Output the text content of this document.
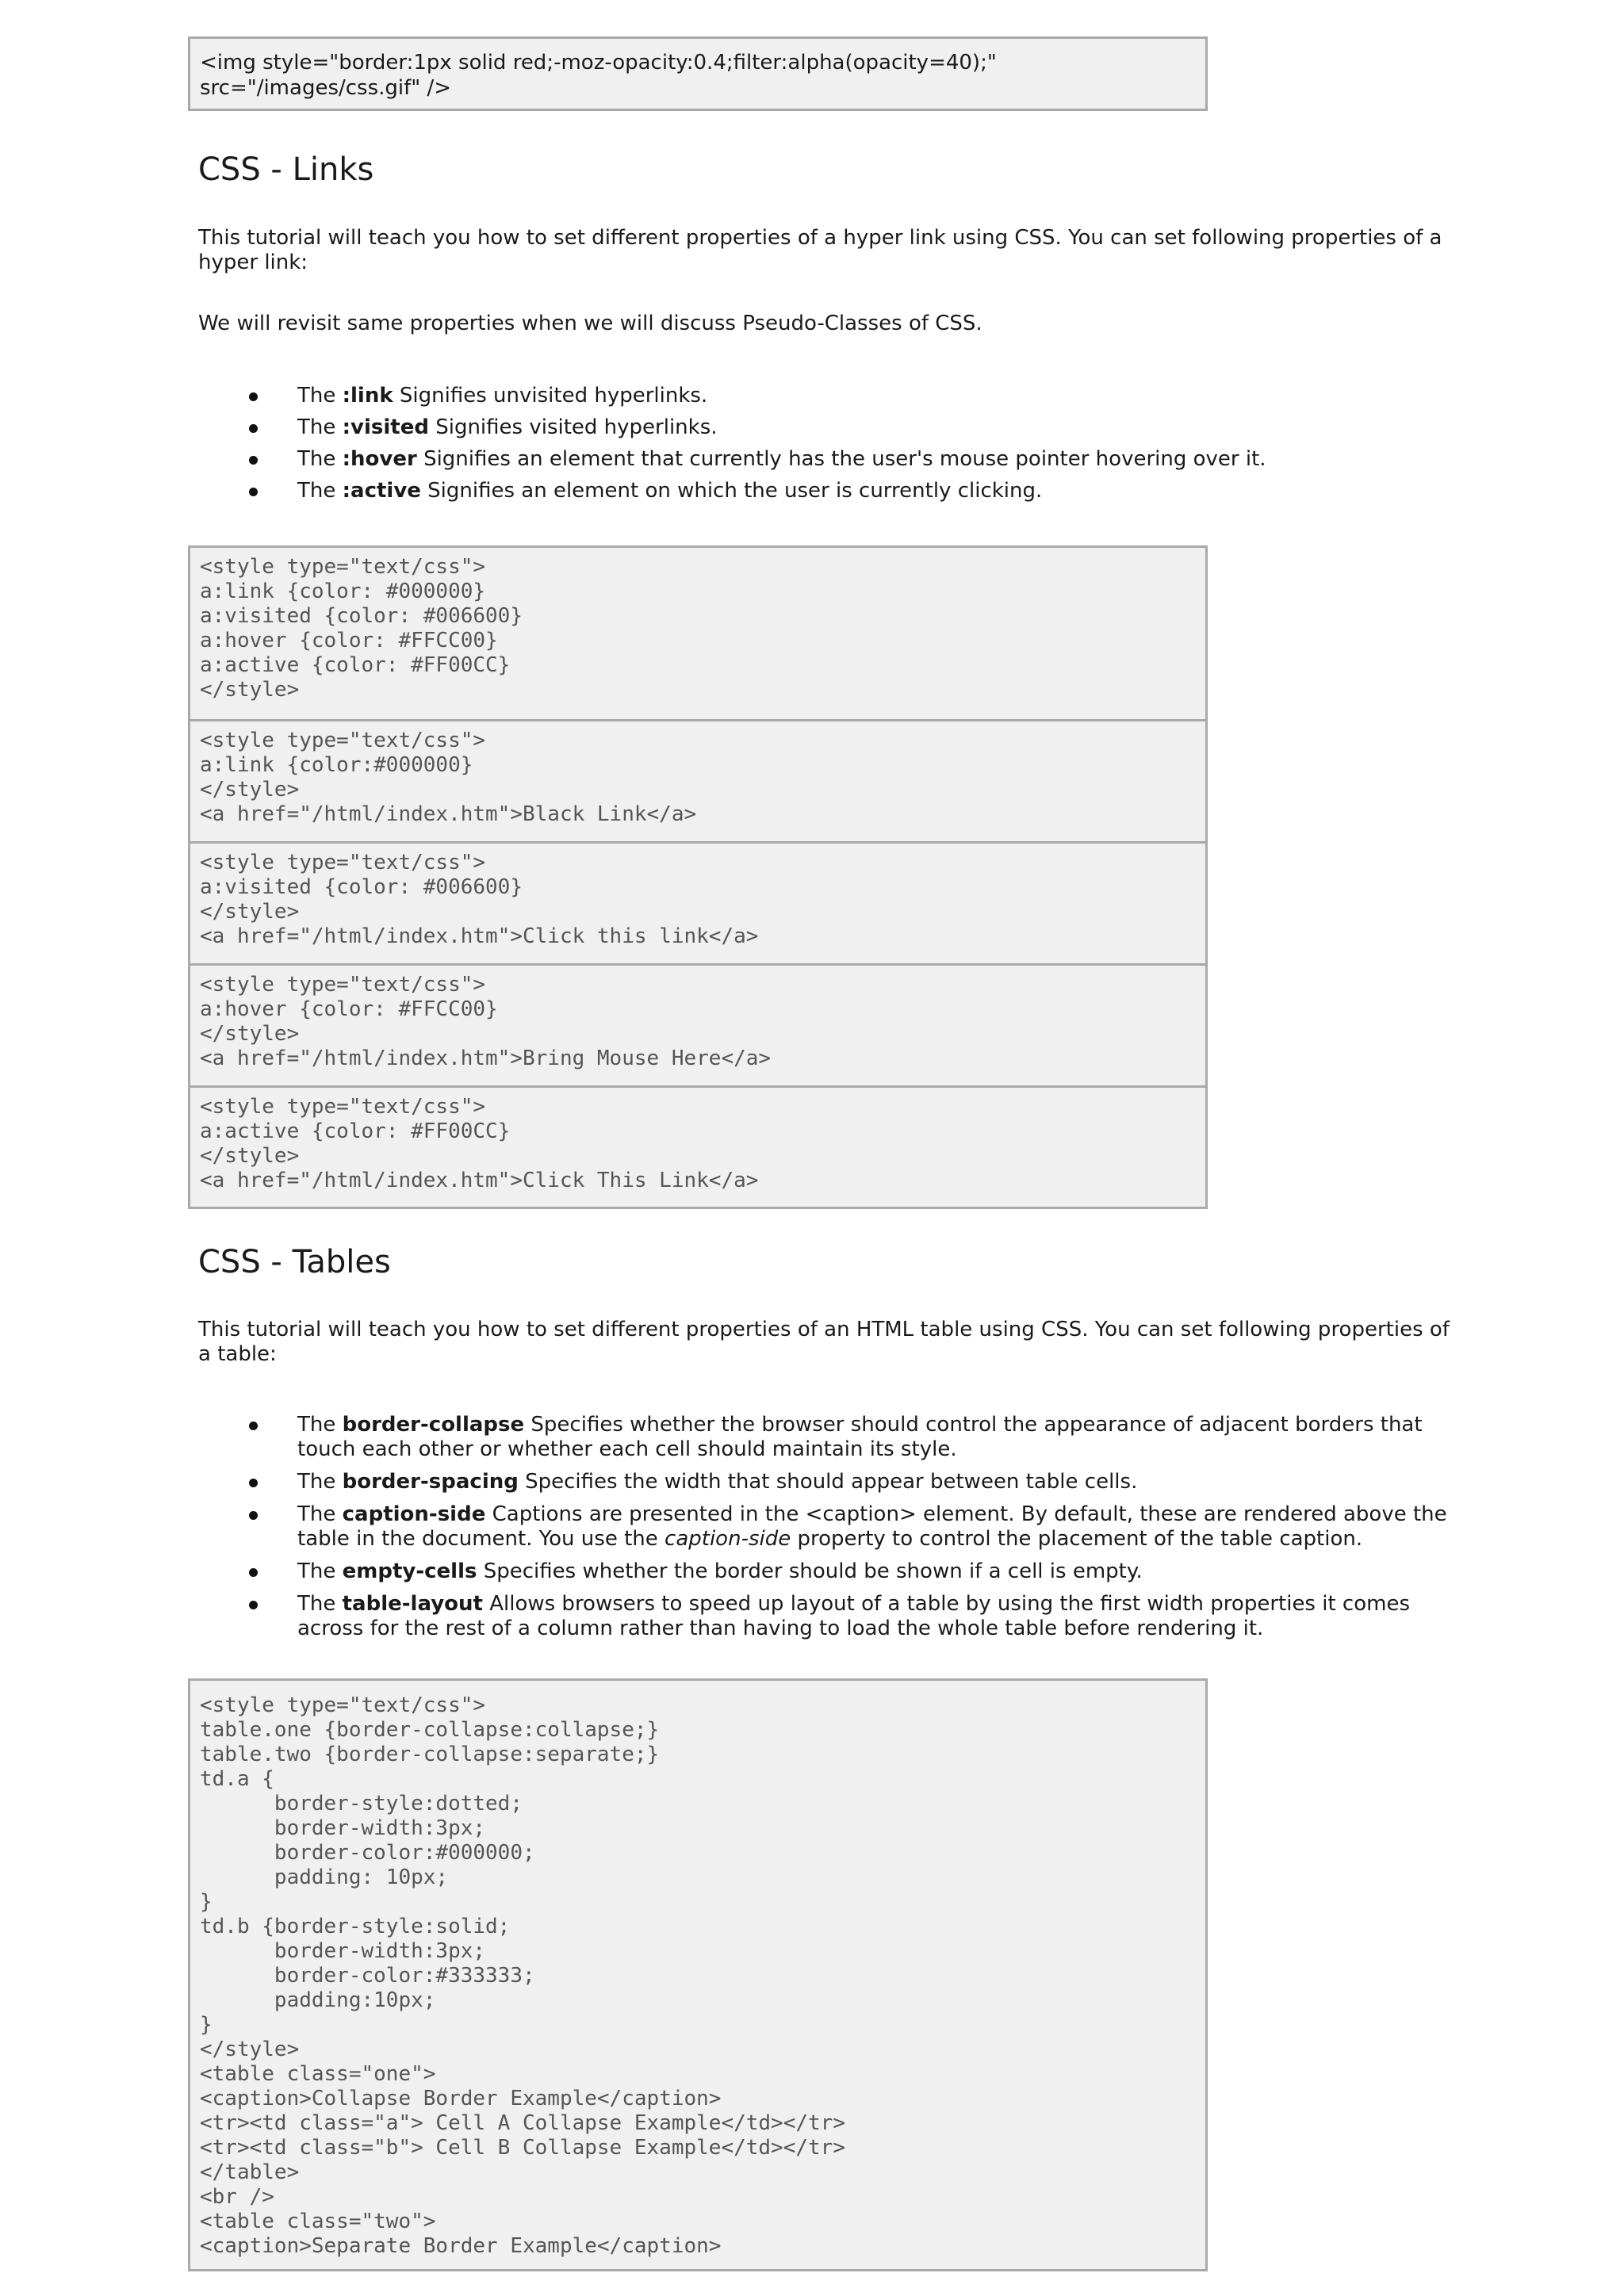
<img style="border:1px solid red;-moz-opacity:0.4;filter:alpha(opacity=40);"
src="/images/css.gif" />
CSS - Links

This tutorial will teach you how to set different properties of a hyper link using CSS. You can set following properties of a hyper link:

We will revisit same properties when we will discuss Pseudo-Classes of CSS.

The :link Signifies unvisited hyperlinks.
The :visited Signifies visited hyperlinks.
The :hover Signifies an element that currently has the user's mouse pointer hovering over it.
The :active Signifies an element on which the user is currently clicking.
<style type="text/css">
a:link {color: #000000}
a:visited {color: #006600}
a:hover {color: #FFCC00}
a:active {color: #FF00CC}
</style>
<style type="text/css">
a:link {color:#000000}
</style>
<a href="/html/index.htm">Black Link</a>
<style type="text/css">
a:visited {color: #006600}
</style>
<a href="/html/index.htm">Click this link</a>
<style type="text/css">
a:hover {color: #FFCC00}
</style>
<a href="/html/index.htm">Bring Mouse Here</a>
<style type="text/css">
a:active {color: #FF00CC}
</style>
<a href="/html/index.htm">Click This Link</a>
CSS - Tables

This tutorial will teach you how to set different properties of an HTML table using CSS. You can set following properties of a table:

The border-collapse Specifies whether the browser should control the appearance of adjacent borders that touch each other or whether each cell should maintain its style.
The border-spacing Specifies the width that should appear between table cells.
The caption-side Captions are presented in the <caption> element. By default, these are rendered above the table in the document. You use the caption-side property to control the placement of the table caption.
The empty-cells Specifies whether the border should be shown if a cell is empty.
The table-layout Allows browsers to speed up layout of a table by using the first width properties it comes across for the rest of a column rather than having to load the whole table before rendering it.
<style type="text/css">
table.one {border-collapse:collapse;}
table.two {border-collapse:separate;}
td.a {
border-style:dotted;
border-width:3px;
border-color:#000000;
padding: 10px;
}
td.b {border-style:solid;
border-width:3px;
border-color:#333333;
padding:10px;
}
</style>
<table class="one">
<caption>Collapse Border Example</caption>
<tr><td class="a"> Cell A Collapse Example</td></tr>
<tr><td class="b"> Cell B Collapse Example</td></tr>
</table>
<br />
<table class="two">
<caption>Separate Border Example</caption>
